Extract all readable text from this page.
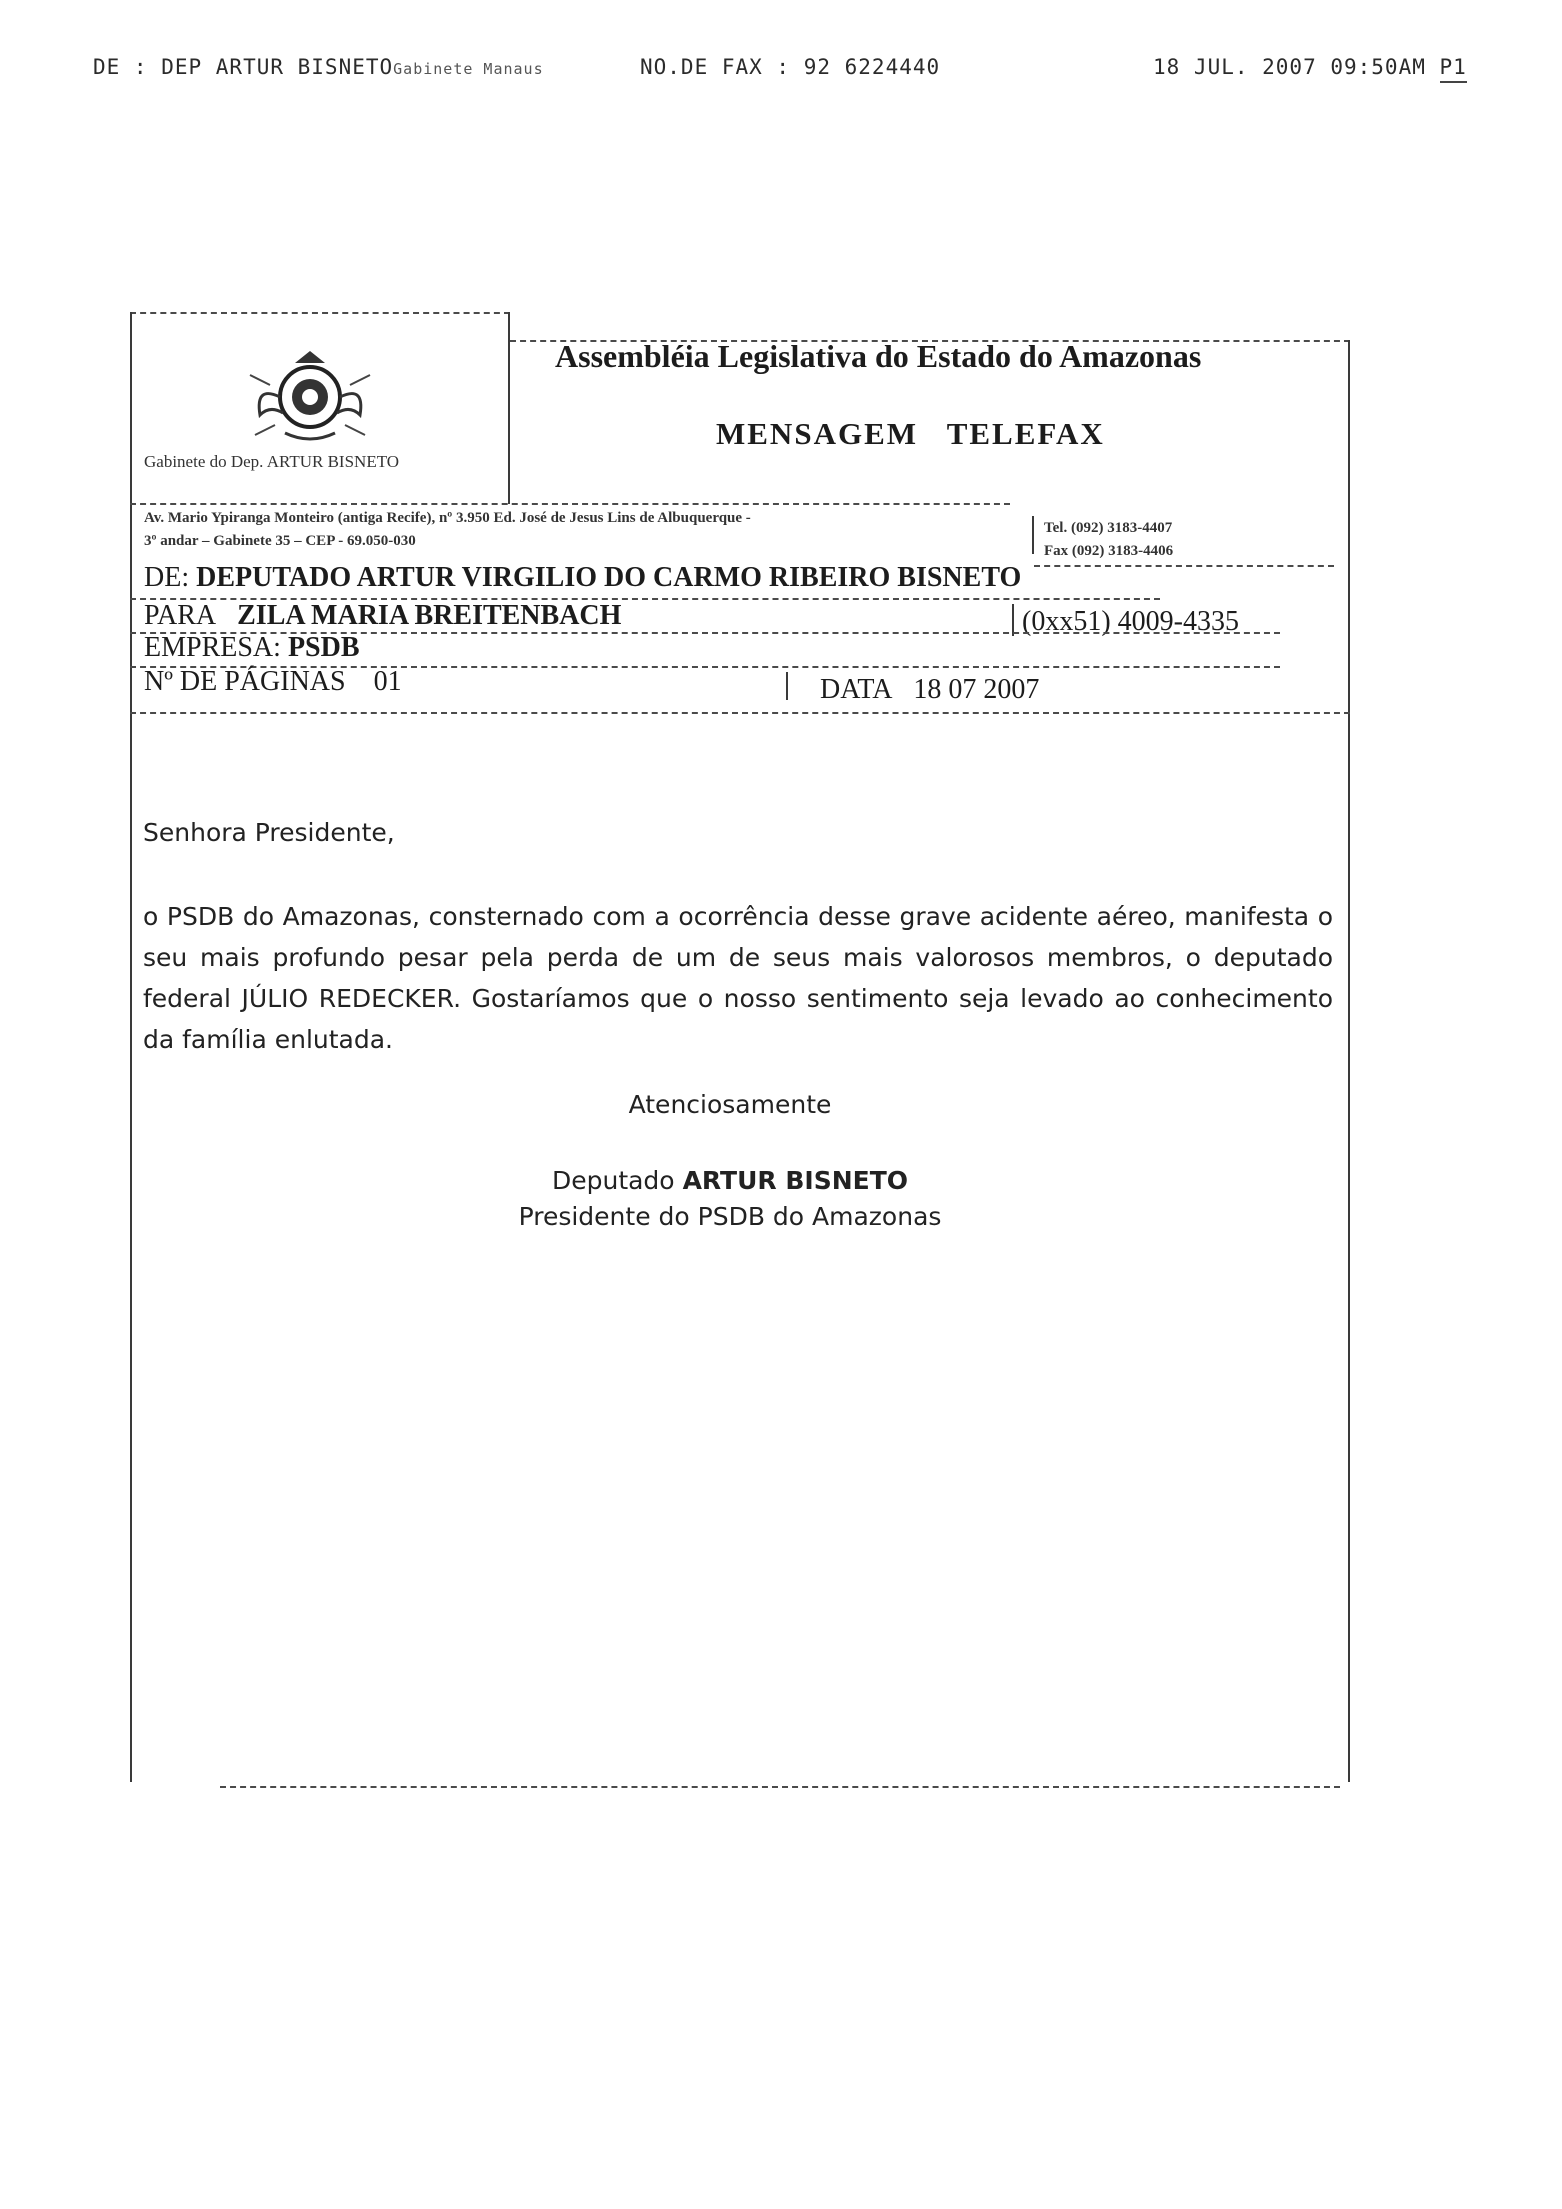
DE : DEP ARTUR BISNETOGabinete Manaus	NO.DE FAX : 92 6224440	18 JUL. 2007 09:50AM P1
Gabinete do Dep. ARTUR BISNETO
Assembléia Legislativa do Estado do Amazonas
MENSAGEM   TELEFAX
Av. Mario Ypiranga Monteiro (antiga Recife), nº 3.950 Ed. José de Jesus Lins de Albuquerque -
3º andar – Gabinete 35 – CEP - 69.050-030
Tel. (092) 3183-4407
Fax (092) 3183-4406
DE: DEPUTADO ARTUR VIRGILIO DO CARMO RIBEIRO BISNETO
PARA ZILA MARIA BREITENBACH	(0xx51) 4009-4335
EMPRESA: PSDB
Nº DE PÁGINAS 01	DATA 18 07 2007
Senhora Presidente,
o PSDB do Amazonas, consternado com a ocorrência desse grave acidente aéreo, manifesta o seu mais profundo pesar pela perda de um de seus mais valorosos membros, o deputado federal JÚLIO REDECKER. Gostaríamos que o nosso sentimento seja levado ao conhecimento da família enlutada.
Atenciosamente
Deputado ARTUR BISNETO
Presidente do PSDB do Amazonas
